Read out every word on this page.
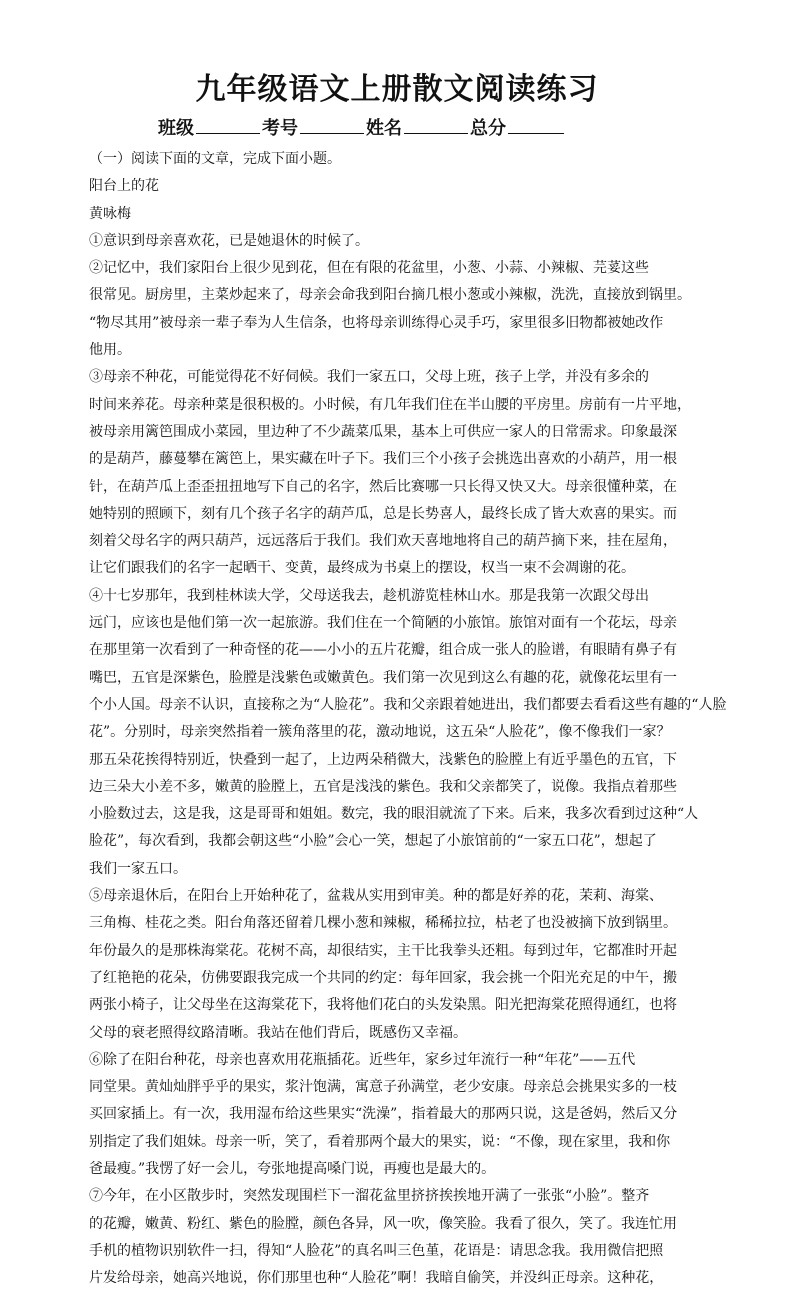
九年级语文上册散文阅读练习
班级	考号	姓名	总分
（一）阅读下面的文章，完成下面小题。
阳台上的花
黄咏梅
①意识到母亲喜欢花，已是她退休的时候了。
②记忆中，我们家阳台上很少见到花，但在有限的花盆里，小葱、小蒜、小辣椒、芫荽这些
很常见。厨房里，主菜炒起来了，母亲会命我到阳台摘几根小葱或小辣椒，洗洗，直接放到锅里。
“物尽其用”被母亲一辈子奉为人生信条，也将母亲训练得心灵手巧，家里很多旧物都被她改作
他用。
③母亲不种花，可能觉得花不好伺候。我们一家五口，父母上班，孩子上学，并没有多余的
时间来养花。母亲种菜是很积极的。小时候，有几年我们住在半山腰的平房里。房前有一片平地，
被母亲用篱笆围成小菜园，里边种了不少蔬菜瓜果，基本上可供应一家人的日常需求。印象最深
的是葫芦，藤蔓攀在篱笆上，果实藏在叶子下。我们三个小孩子会挑选出喜欢的小葫芦，用一根
针，在葫芦瓜上歪歪扭扭地写下自己的名字，然后比赛哪一只长得又快又大。母亲很懂种菜，在
她特别的照顾下，刻有几个孩子名字的葫芦瓜，总是长势喜人，最终长成了皆大欢喜的果实。而
刻着父母名字的两只葫芦，远远落后于我们。我们欢天喜地地将自己的葫芦摘下来，挂在屋角，
让它们跟我们的名字一起晒干、变黄，最终成为书桌上的摆设，权当一束不会凋谢的花。
④十七岁那年，我到桂林读大学，父母送我去，趁机游览桂林山水。那是我第一次跟父母出
远门，应该也是他们第一次一起旅游。我们住在一个简陋的小旅馆。旅馆对面有一个花坛，母亲
在那里第一次看到了一种奇怪的花——小小的五片花瓣，组合成一张人的脸谱，有眼睛有鼻子有
嘴巴，五官是深紫色，脸膛是浅紫色或嫩黄色。我们第一次见到这么有趣的花，就像花坛里有一
个小人国。母亲不认识，直接称之为“人脸花”。我和父亲跟着她进出，我们都要去看看这些有趣的“人脸
花”。分别时，母亲突然指着一簇角落里的花，激动地说，这五朵“人脸花”，像不像我们一家？
那五朵花挨得特别近，快叠到一起了，上边两朵稍微大，浅紫色的脸膛上有近乎墨色的五官，下
边三朵大小差不多，嫩黄的脸膛上，五官是浅浅的紫色。我和父亲都笑了，说像。我指点着那些
小脸数过去，这是我，这是哥哥和姐姐。数完，我的眼泪就流了下来。后来，我多次看到过这种“人
脸花”，每次看到，我都会朝这些“小脸”会心一笑，想起了小旅馆前的“一家五口花”，想起了
我们一家五口。
⑤母亲退休后，在阳台上开始种花了，盆栽从实用到审美。种的都是好养的花，茉莉、海棠、
三角梅、桂花之类。阳台角落还留着几棵小葱和辣椒，稀稀拉拉，枯老了也没被摘下放到锅里。
年份最久的是那株海棠花。花树不高，却很结实，主干比我拳头还粗。每到过年，它都准时开起
了红艳艳的花朵，仿佛要跟我完成一个共同的约定：每年回家，我会挑一个阳光充足的中午，搬
两张小椅子，让父母坐在这海棠花下，我将他们花白的头发染黑。阳光把海棠花照得通红，也将
父母的衰老照得纹路清晰。我站在他们背后，既感伤又幸福。
⑥除了在阳台种花，母亲也喜欢用花瓶插花。近些年，家乡过年流行一种“年花”——五代
同堂果。黄灿灿胖乎乎的果实，浆汁饱满，寓意子孙满堂，老少安康。母亲总会挑果实多的一枝
买回家插上。有一次，我用湿布给这些果实“洗澡”，指着最大的那两只说，这是爸妈，然后又分
别指定了我们姐妹。母亲一听，笑了，看着那两个最大的果实，说：“不像，现在家里，我和你
爸最瘦。”我愣了好一会儿，夸张地提高嗓门说，再瘦也是最大的。
⑦今年，在小区散步时，突然发现围栏下一溜花盆里挤挤挨挨地开满了一张张“小脸”。整齐
的花瓣，嫩黄、粉红、紫色的脸膛，颜色各异，风一吹，像笑脸。我看了很久，笑了。我连忙用
手机的植物识别软件一扫，得知“人脸花”的真名叫三色堇，花语是：请思念我。我用微信把照
片发给母亲，她高兴地说，你们那里也种“人脸花”啊！我暗自偷笑，并没纠正母亲。这种花，
